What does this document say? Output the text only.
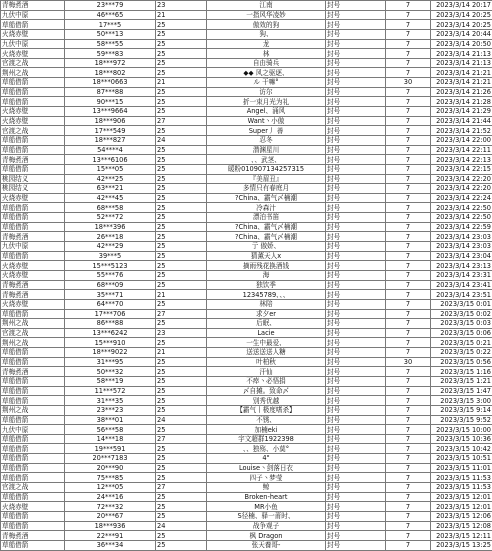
青梅煮酒	23***79	23	江南	封号	7	2023/3/14 20:17
九伏中原	46***65	21	一指风华凌妙	封号	7	2023/3/14 20:25
草船借箭	17***5	25	傲效的狗	封号	7	2023/3/14 20:25
火烧赤壁	50***13	25	狗、	封号	7	2023/3/14 20:44
九伏中原	58***55	25	龙	封号	7	2023/3/14 20:50
火烧赤壁	59***83	25	林	封号	7	2023/3/14 21:13
官渡之战	18***972	25	自由骑兵	封号	7	2023/3/14 21:13
荆州之战	18***802	25	◆◆ 风之驱逐、	封号	7	2023/3/14 21:21
草船借箭	18***0663	21	ル 干嘛°	封号	30	2023/3/14 21:21
草船借箭	87***88	25	访尔	封号	7	2023/3/14 21:26
草船借箭	90***15	25	折一束月光为礼	封号	7	2023/3/14 21:28
火烧赤壁	13***9664	25	Angel、涌风	封号	7	2023/3/14 21:29
火烧赤壁	18***906	27	Want丶小傲	封号	7	2023/3/14 21:44
官渡之战	17***549	25	Super丿 善	封号	7	2023/3/14 21:52
草船借箭	18***827	24	忍冬	封号	7	2023/3/14 22:00
草船借箭	54****4	25	潜渊星川	封号	7	2023/3/14 22:11
青梅煮酒	13***6106	25	、、武茎、	封号	7	2023/3/14 22:13
草船借箭	15***05	25	暖粉010907134257315	封号	7	2023/3/14 22:15
桃园结义	42***25	25	『美眉丑』	封号	7	2023/3/14 22:20
桃园结义	63***21	25	多情只有春庭月	封号	7	2023/3/14 22:20
火烧赤壁	42***45	25	?China、霸气〆楠潮	封号	7	2023/3/14 22:24
草船借箭	68***58	25	冷森汁	封号	7	2023/3/14 22:50
草船借箭	52***72	25	漂泊书笛	封号	7	2023/3/14 22:50
草船借箭	18***396	25	?China、霸气〆楠潮	封号	7	2023/3/14 22:59
青梅煮酒	26***18	25	?China、霸气〆楠潮	封号	7	2023/3/14 23:03
九伏中原	42***29	25	亍 傲娇、	封号	7	2023/3/14 23:03
草船借箭	39***5	25	猜薰天人x	封号	7	2023/3/14 23:04
火烧赤壁	15***5123	25	摘雨残花换酒钱	封号	7	2023/3/14 23:13
火烧赤壁	55***76	25	海	封号	7	2023/3/14 23:31
青梅煮酒	68***09	25	独饮季	封号	7	2023/3/14 23:41
青梅煮酒	35***71	21	12345789、、、	封号	7	2023/3/14 23:51
火烧赤壁	64***70	25	林陪	封号	7	2023/3/15 0:01
草船借箭	17***706	27	求夕er	封号	7	2023/3/15 0:02
荆州之战	86***88	25	后眠、	封号	7	2023/3/15 0:03
官渡之战	13***6242	23	Lacie	封号	7	2023/3/15 0:06
荆州之战	15***910	25	一生中最爱、	封号	7	2023/3/15 0:21
草船借箭	18***9022	21	送送送送人糖	封号	7	2023/3/15 0:22
草船借箭	31***95	25	叶柏秋	封号	30	2023/3/15 0:56
青梅煮酒	50***32	25	汗仙	封号	7	2023/3/15 1:16
草船借箭	58***19	25	不瘁丶必悟捐	封号	7	2023/3/15 1:21
草船借箭	11***572	25	〆自摊。致命〆	封号	7	2023/3/15 1:47
草船借箭	31***35	25	别秀优越	封号	7	2023/3/15 3:00
荆州之战	23***23	25	【霸气丨极度嗜杀】	封号	7	2023/3/15 9:14
草船借箭	38***01	24	不锈、	封号	7	2023/3/15 9:52
九伏中原	56***58	25	加楠eki	封号	7	2023/3/15 10:00
草船借箭	14***18	27	宇文超群1922398	封号	7	2023/3/15 10:36
草船借箭	19***591	25	、、独殇、小莫°	封号	7	2023/3/15 10:42
草船借箭	20***7183	25	4"	封号	7	2023/3/15 10:51
草船借箭	20***90	25	Louise丶剑落日衣	封号	7	2023/3/15 11:01
草船借箭	75***85	25	四子丶梦莹	封号	7	2023/3/15 11:53
官渡之战	12***05	27	鲸	封号	7	2023/3/15 11:53
草船借箭	24***16	25	Broken-heart	封号	7	2023/3/15 12:01
火烧赤壁	72***32	25	MR小鱼	封号	7	2023/3/15 12:01
草船借箭	20***67	25	S径楠、驿一莆时、	封号	7	2023/3/15 12:06
草船借箭	18***936	24	战争观子	封号	7	2023/3/15 12:08
青梅煮酒	22***91	25	枫 Dragon	封号	7	2023/3/15 12:11
草船借箭	36***34	25	张天養哥-	封号	7	2023/3/15 13:25
